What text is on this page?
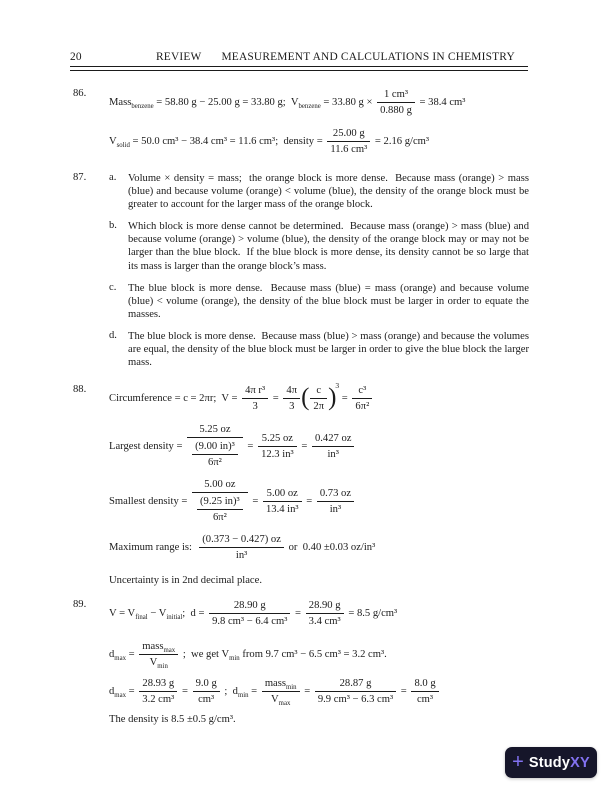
20	REVIEW MEASUREMENT AND CALCULATIONS IN CHEMISTRY
86.
Mass$_{benzene}$ = 58.80 g − 25.00 g = 33.80 g;  $V_{benzene} = 33.80$ $g \times \frac{\text{1 cm³}}{0.880 g} = 38.4$ cm³
$V_{solid} = 50.0$ cm³ − 38.4 cm³ = 11.6 cm³;  density = $\frac{25.00 g}{\text{11.6 cm³}} = 2.16$ g/cm³
87.	a.	Volume × density = mass;  the orange block is more dense.  Because mass (orange) > mass (blue) and because volume (orange) < volume (blue), the density of the orange block must be greater to account for the larger mass of the orange block.
b.	Which block is more dense cannot be determined.  Because mass (orange) > mass (blue) and because volume (orange) > volume (blue), the density of the orange block may or may not be larger than the blue block.  If the blue block is more dense, its density cannot be so large that its mass is larger than the orange block’s mass.
c.	The blue block is more dense.  Because mass (blue) = mass (orange) and because volume (blue) < volume (orange), the density of the blue block must be larger in order to equate the masses.
d.	The blue block is more dense.  Because mass (blue) > mass (orange) and because the volumes are equal, the density of the blue block must be larger in order to give the blue block the larger mass.
88.
Circumference = c = 2πr;  $V = \frac{\text{4π r³}}{3} = \frac{4\pi}{3}$ ( $\frac{c}{2\pi} )^3 = \frac{\text{c³}}{\text{6π²}}$
Largest density = $\frac{5.25 oz}{\frac{\text{(9.00 in)³}}{\text{6π²}}} = \frac{5.25 oz}{\text{12.3 in³}} = \frac{0.427 oz}{\text{in³}}$
Smallest density = $\frac{5.00 oz}{\frac{\text{(9.25 in)³}}{\text{6π²}}} = \frac{5.00 oz}{\text{13.4 in³}} = \frac{0.73 oz}{\text{in³}}$
Maximum range is: $\frac{(0.373 - 0.427) oz}{\text{in³}}$ or  0.40 ±0.03 oz/in³
Uncertainty is in 2nd decimal place.
89.
$V = V_{final} - V_{initial}$;  $d = \frac{28.90 g}{\text{9.8 cm³ − 6.4 cm³}} = \frac{28.90 g}{\text{3.4 cm³}} = 8.5$ g/cm³
$d_{max} = \frac{mass_{max}}{V_{min}}$ ;  we get $V_{min}$ from 9.7 cm³ − 6.5 cm³ = 3.2 cm³.
$d_{max} = \frac{28.93 g}{\text{3.2 cm³}} = \frac{9.0 g}{\text{cm³}}$ ;  $d_{min} = \frac{mass_{min}}{V_{max}} = \frac{28.87 g}{\text{9.9 cm³ − 6.3 cm³}} = \frac{8.0 g}{\text{cm³}}$
The density is 8.5 ±0.5 g/cm³.
+ StudyXY
